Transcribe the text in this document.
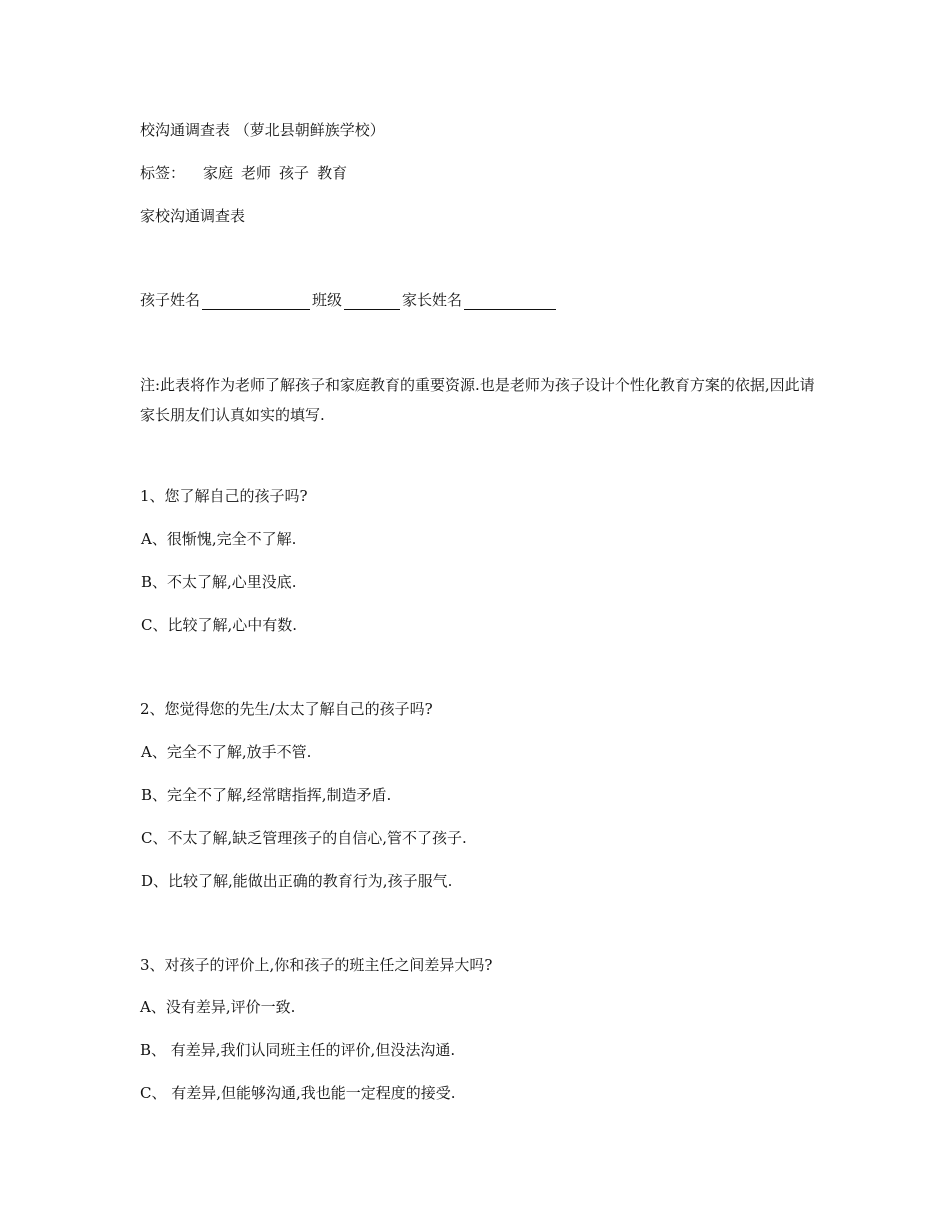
校沟通调查表 （萝北县朝鲜族学校）
标签： 家庭 老师 孩子 教育
家校沟通调查表
孩子姓名	班级	家长姓名
注:此表将作为老师了解孩子和家庭教育的重要资源.也是老师为孩子设计个性化教育方案的依据,因此请家长朋友们认真如实的填写.
1、您了解自己的孩子吗?
A、很惭愧,完全不了解.
B、不太了解,心里没底.
C、比较了解,心中有数.
2、您觉得您的先生/太太了解自己的孩子吗?
A、完全不了解,放手不管.
B、完全不了解,经常瞎指挥,制造矛盾.
C、不太了解,缺乏管理孩子的自信心,管不了孩子.
D、比较了解,能做出正确的教育行为,孩子服气.
3、对孩子的评价上,你和孩子的班主任之间差异大吗?
A、没有差异,评价一致.
B、 有差异,我们认同班主任的评价,但没法沟通.
C、 有差异,但能够沟通,我也能一定程度的接受.
